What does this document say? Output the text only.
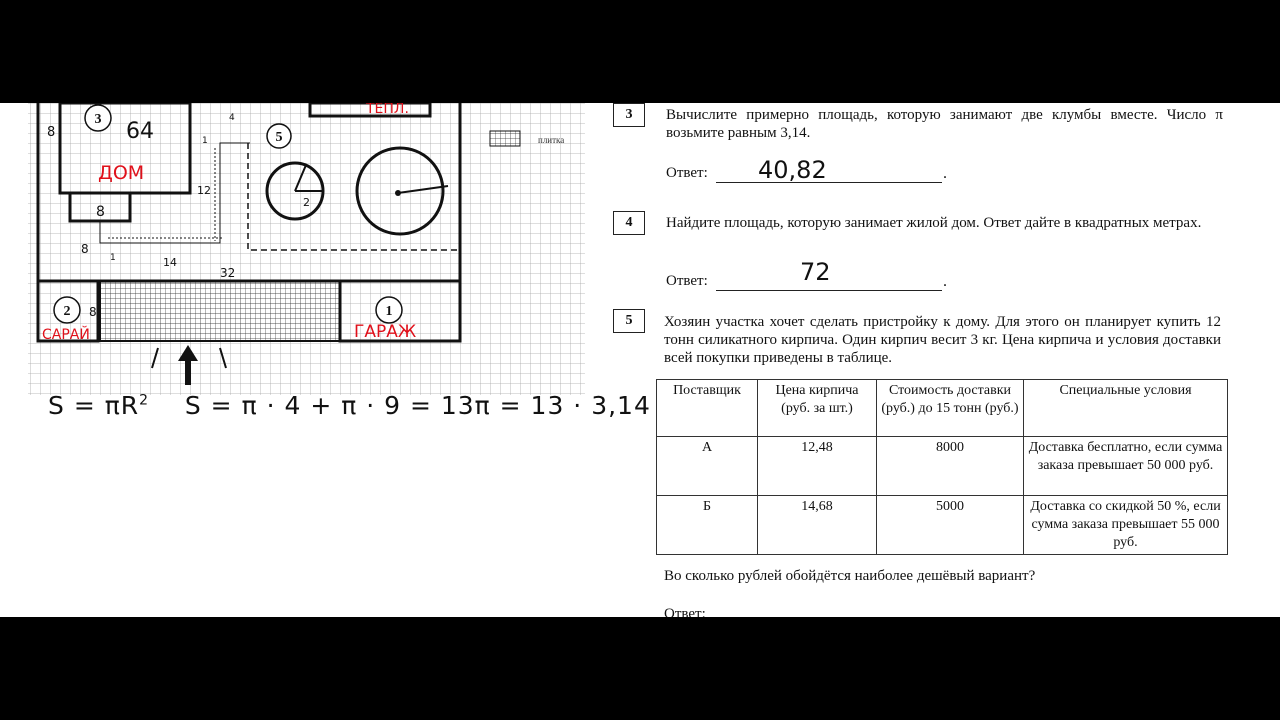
3 64
ДОМ
5
ТЕПЛ.
плитка
2
САРАЙ
1
ГАРАЖ
8
8
8
8
4
1
1
12
14
32
2
$S = \pi R^2$ S = π · 4 + π · 9 = 13π = 13 · 3,14
3	Вычислите примерно площадь, которую занимают две клумбы вместе. Число π возьмите равным 3,14.
Ответ: 40,82	.
4	Найдите площадь, которую занимает жилой дом. Ответ дайте в квадратных метрах.
Ответ:	72	.
5	Хозяин участка хочет сделать пристройку к дому. Для этого он планирует купить 12 тонн силикатного кирпича. Один кирпич весит 3 кг. Цена кирпича и условия доставки всей покупки приведены в таблице.
Поставщик	Цена кирпича (руб. за шт.)	Стоимость доставки (руб.) до 15 тонн (руб.)	Специальные условия
А	12,48	8000	Доставка бесплатно, если сумма заказа превышает 50 000 руб.
Б	14,68	5000	Доставка со скидкой 50 %, если сумма заказа превышает 55 000 руб.
Во сколько рублей обойдётся наиболее дешёвый вариант?
Ответ:
